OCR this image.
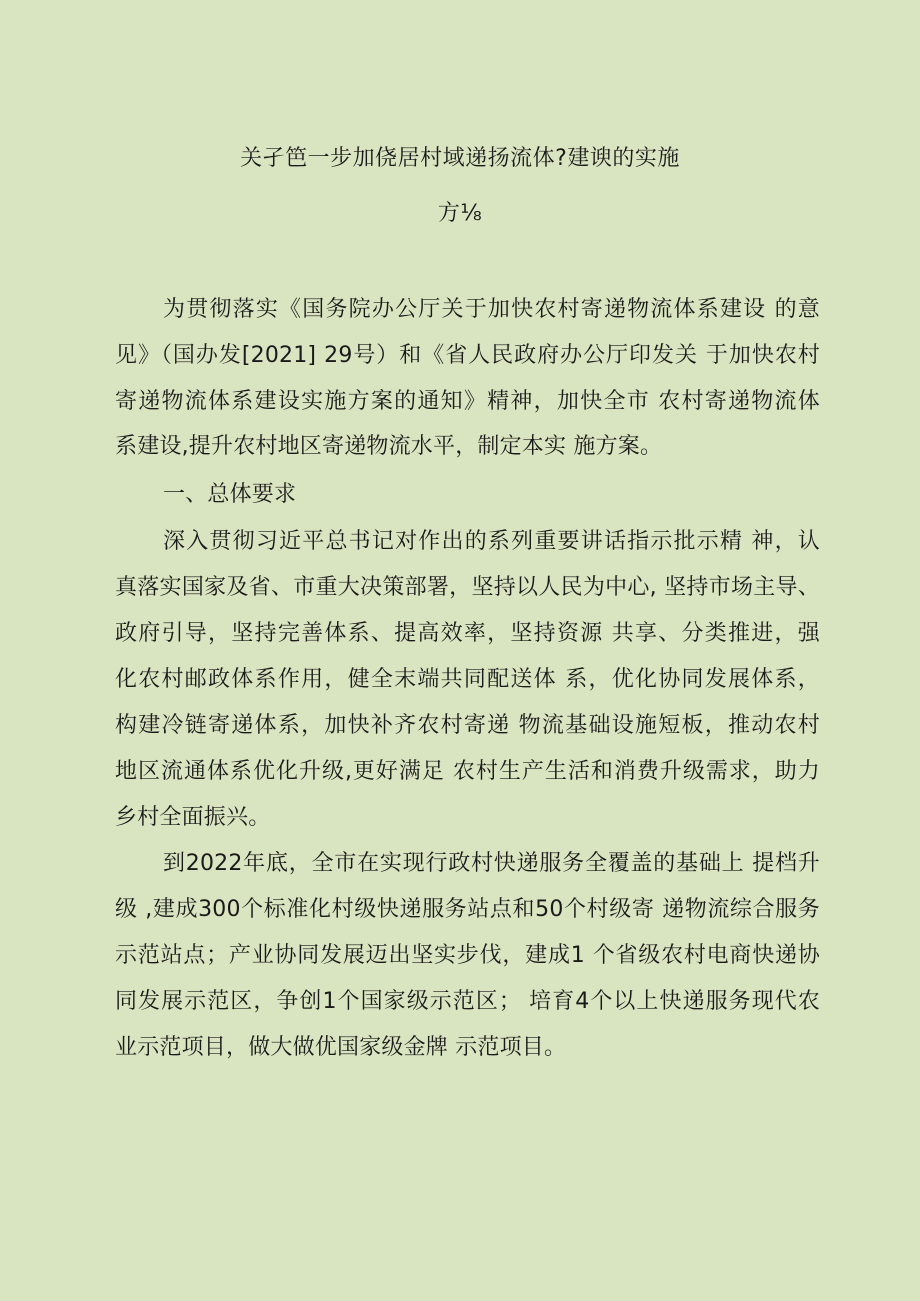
关孑笆一步加侥居村域递扬流体?建谀的实施
方⅛
为贯彻落实《国务院办公厅关于加快农村寄递物流体系建设 的意
见》（国办发[2021] 29号）和《省人民政府办公厅印发关 于加快农村
寄递物流体系建设实施方案的通知》精神，加快全市 农村寄递物流体
系建设,提升农村地区寄递物流水平，制定本实 施方案。
一、总体要求
深入贯彻习近平总书记对作出的系列重要讲话指示批示精 神，认
真落实国家及省、市重大决策部署，坚持以人民为中心, 坚持市场主导、
政府引导，坚持完善体系、提高效率，坚持资源 共享、分类推进，强
化农村邮政体系作用，健全末端共同配送体 系，优化协同发展体系，
构建冷链寄递体系，加快补齐农村寄递 物流基础设施短板，推动农村
地区流通体系优化升级,更好满足 农村生产生活和消费升级需求，助力
乡村全面振兴。
到2022年底，全市在实现行政村快递服务全覆盖的基础上 提档升
级 ,建成300个标准化村级快递服务站点和50个村级寄 递物流综合服务
示范站点；产业协同发展迈出坚实步伐，建成1 个省级农村电商快递协
同发展示范区，争创1个国家级示范区； 培育4个以上快递服务现代农
业示范项目，做大做优国家级金牌 示范项目。
